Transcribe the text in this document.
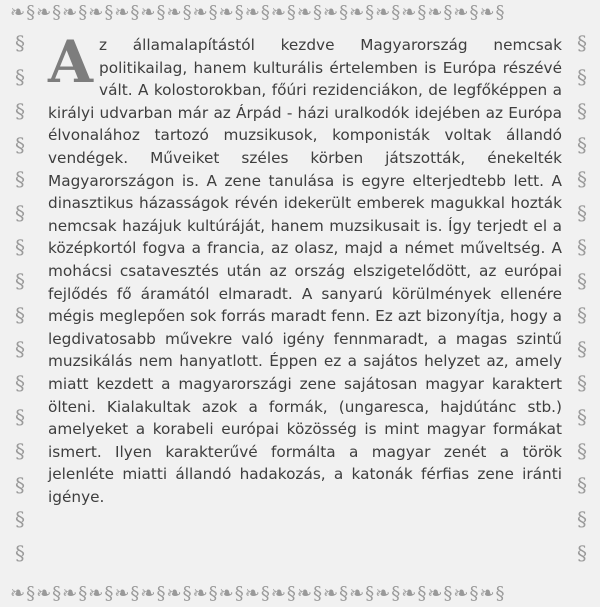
❧§❧§❧§❧§❧§❧§❧§❧§❧§❧§❧§❧§❧§❧§❧§❧§❧§❧§❧§
§
§
§
§
§
§
§
§
§
§
§
§
§
§
§
§
§
§
§
§
§
§
§
§
§
§
§
§
§
§
§
§
❧§❧§❧§❧§❧§❧§❧§❧§❧§❧§❧§❧§❧§❧§❧§❧§❧§❧§❧§
Az államalapítástól kezdve Magyarország nemcsak politikailag, hanem kulturális értelemben is Európa részévé vált. A kolostorokban, főúri rezidenciákon, de legfőképpen a királyi udvarban már az Árpád - házi uralkodók idejében az Európa élvonalához tartozó muzsikusok, komponisták voltak állandó vendégek. Műveiket széles körben játszották, énekelték Magyarországon is. A zene tanulása is egyre elterjedtebb lett. A dinasztikus házasságok révén idekerült emberek magukkal hozták nemcsak hazájuk kultúráját, hanem muzsikusait is. Így terjedt el a középkortól fogva a francia, az olasz, majd a német műveltség. A mohácsi csatavesztés után az ország elszigetelődött, az európai fejlődés fő áramától elmaradt. A sanyarú körülmények ellenére mégis meglepően sok forrás maradt fenn. Ez azt bizonyítja, hogy a legdivatosabb művekre való igény fennmaradt, a magas szintű muzsikálás nem hanyatlott. Éppen ez a sajátos helyzet az, amely miatt kezdett a magyarországi zene sajátosan magyar karaktert ölteni. Kialakultak azok a formák, (ungaresca, hajdútánc stb.) amelyeket a korabeli európai közösség is mint magyar formákat ismert. Ilyen karakterűvé formálta a magyar zenét a török jelenléte miatti állandó hadakozás, a katonák férfias zene iránti igénye.
